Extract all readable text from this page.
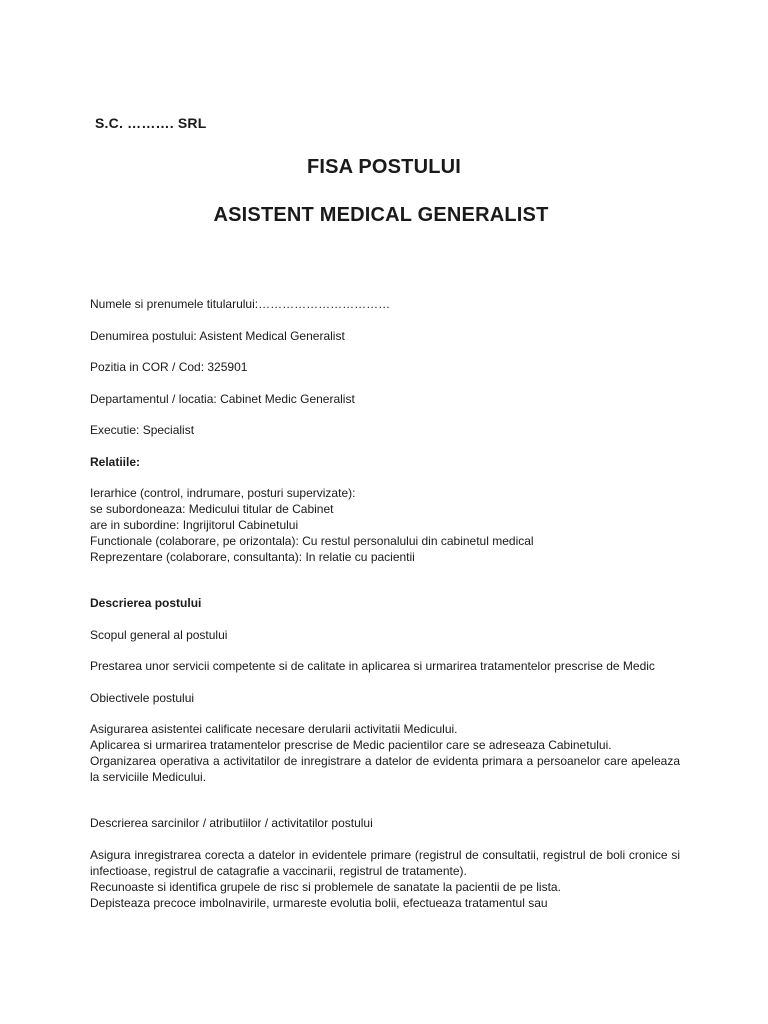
S.C. ………. SRL
FISA POSTULUI
ASISTENT MEDICAL GENERALIST

Numele si prenumele titularului:……………………………

Denumirea postului: Asistent Medical Generalist

Pozitia in COR / Cod: 325901

Departamentul / locatia: Cabinet Medic Generalist

Executie: Specialist

Relatiile:

Ierarhice (control, indrumare, posturi supervizate):
se subordoneaza: Medicului titular de Cabinet
are in subordine: Ingrijitorul Cabinetului
Functionale (colaborare, pe orizontala): Cu restul personalului din cabinetul medical
Reprezentare (colaborare, consultanta): In relatie cu pacientii

Descrierea postului

Scopul general al postului

Prestarea unor servicii competente si de calitate in aplicarea si urmarirea tratamentelor prescrise de Medic

Obiectivele postului

Asigurarea asistentei calificate necesare derularii activitatii Medicului.
Aplicarea si urmarirea tratamentelor prescrise de Medic pacientilor care se adreseaza Cabinetului.
Organizarea operativa a activitatilor de inregistrare a datelor de evidenta primara a persoanelor care apeleaza la serviciile Medicului.

Descrierea sarcinilor / atributiilor / activitatilor postului

Asigura inregistrarea corecta a datelor in evidentele primare (registrul de consultatii, registrul de boli cronice si infectioase, registrul de catagrafie a vaccinarii, registrul de tratamente).
Recunoaste si identifica grupele de risc si problemele de sanatate la pacientii de pe lista.
Depisteaza precoce imbolnavirile, urmareste evolutia bolii, efectueaza tratamentul sau
